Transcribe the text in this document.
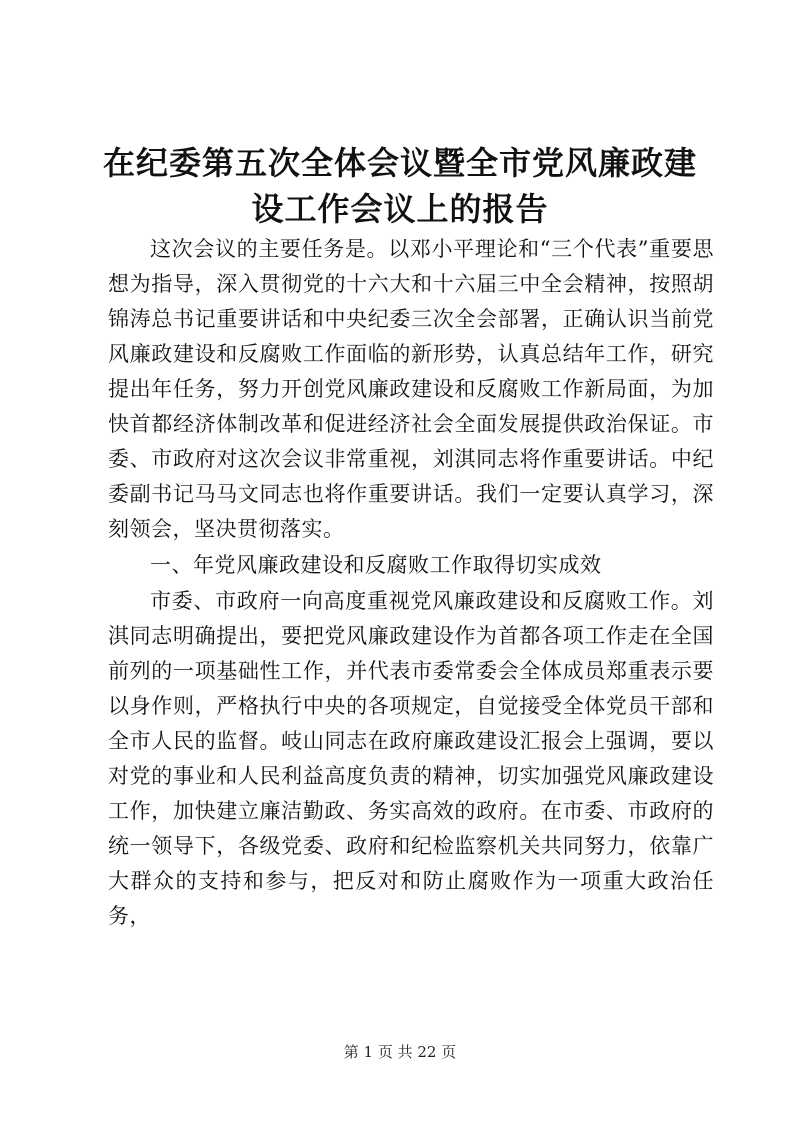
在纪委第五次全体会议暨全市党风廉政建设工作会议上的报告

这次会议的主要任务是。以邓小平理论和“三个代表”重要思想为指导，深入贯彻党的十六大和十六届三中全会精神，按照胡锦涛总书记重要讲话和中央纪委三次全会部署，正确认识当前党风廉政建设和反腐败工作面临的新形势，认真总结年工作，研究提出年任务，努力开创党风廉政建设和反腐败工作新局面，为加快首都经济体制改革和促进经济社会全面发展提供政治保证。市委、市政府对这次会议非常重视，刘淇同志将作重要讲话。中纪委副书记马马文同志也将作重要讲话。我们一定要认真学习，深刻领会，坚决贯彻落实。

一、年党风廉政建设和反腐败工作取得切实成效

市委、市政府一向高度重视党风廉政建设和反腐败工作。刘淇同志明确提出，要把党风廉政建设作为首都各项工作走在全国前列的一项基础性工作，并代表市委常委会全体成员郑重表示要以身作则，严格执行中央的各项规定，自觉接受全体党员干部和全市人民的监督。岐山同志在政府廉政建设汇报会上强调，要以对党的事业和人民利益高度负责的精神，切实加强党风廉政建设工作，加快建立廉洁勤政、务实高效的政府。在市委、市政府的统一领导下，各级党委、政府和纪检监察机关共同努力，依靠广大群众的支持和参与，把反对和防止腐败作为一项重大政治任务，

第 1 页 共 22 页
